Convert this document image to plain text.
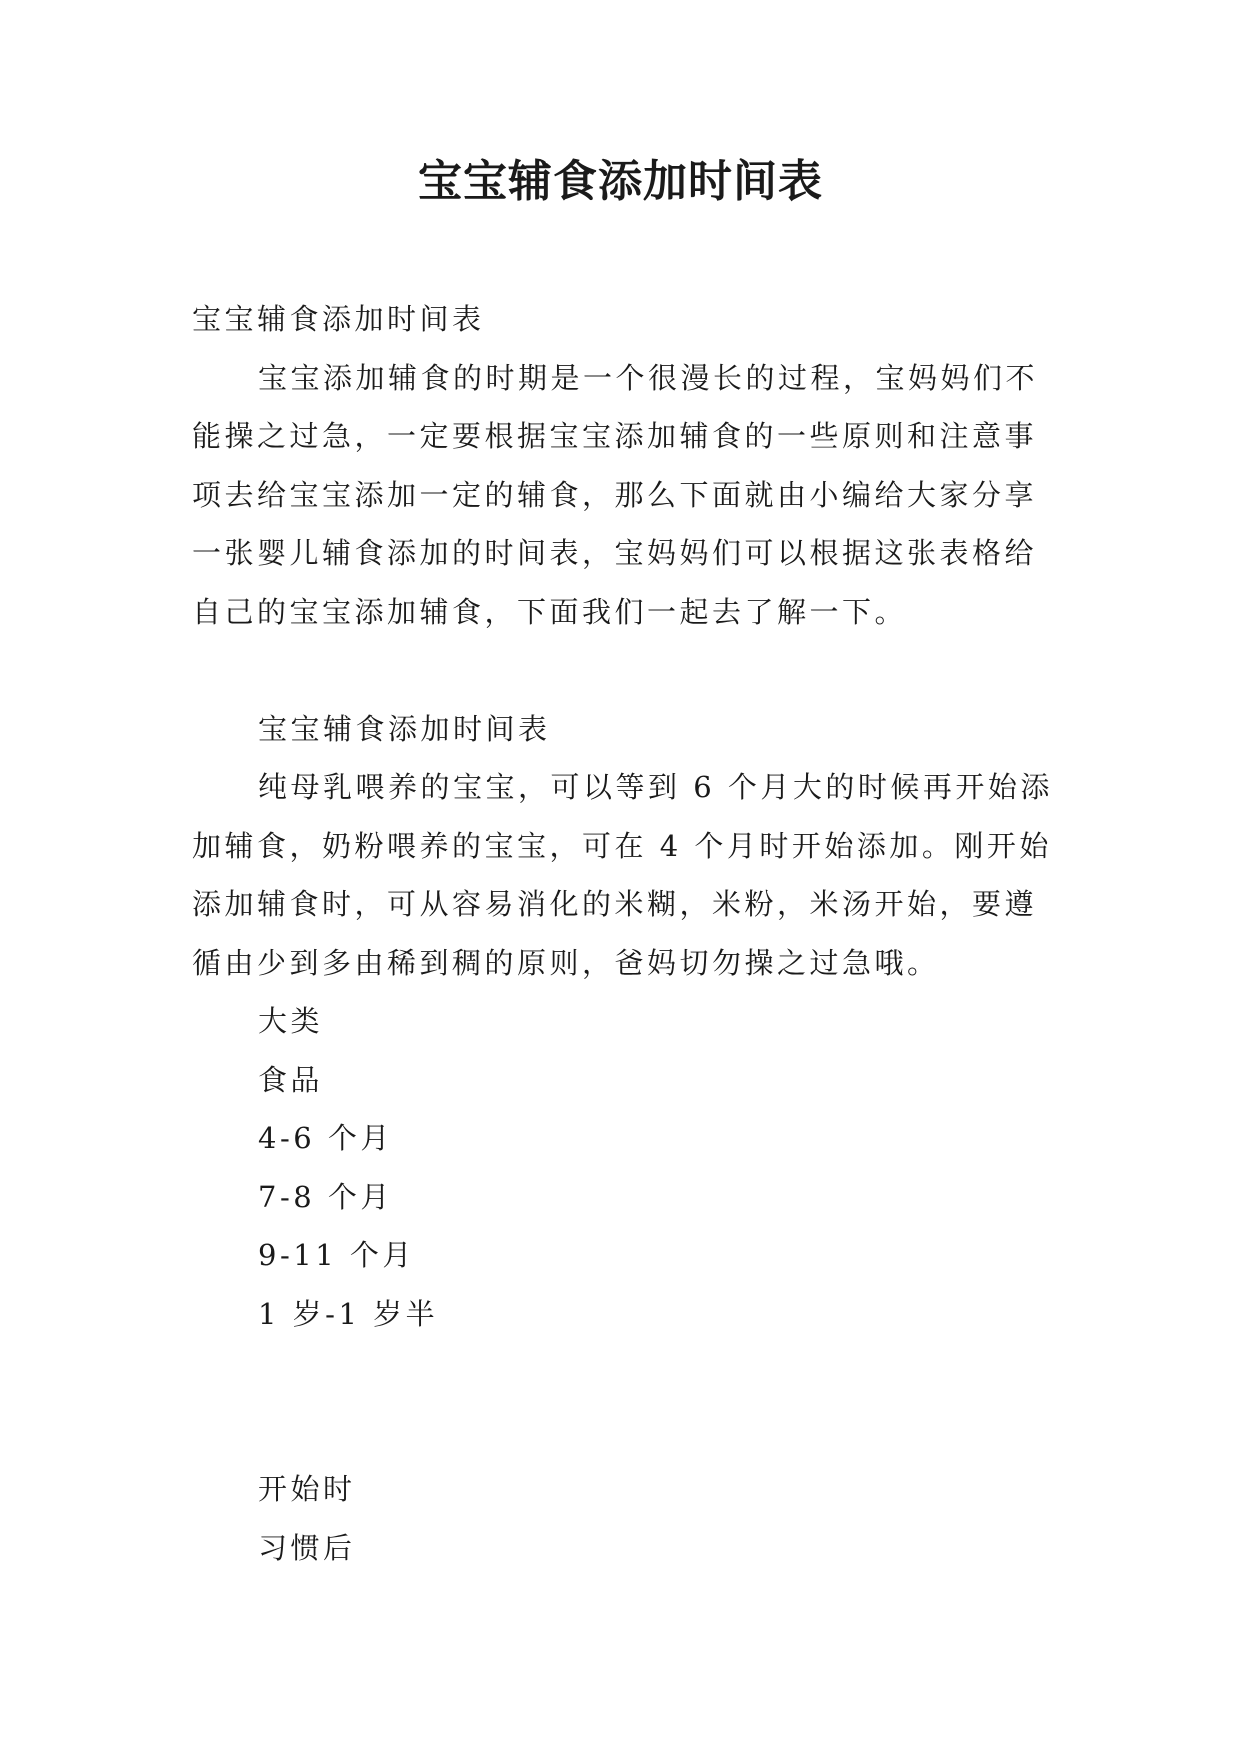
宝宝辅食添加时间表

宝宝辅食添加时间表

宝宝添加辅食的时期是一个很漫长的过程，宝妈妈们不能操之过急，一定要根据宝宝添加辅食的一些原则和注意事项去给宝宝添加一定的辅食，那么下面就由小编给大家分享一张婴儿辅食添加的时间表，宝妈妈们可以根据这张表格给自己的宝宝添加辅食，下面我们一起去了解一下。

宝宝辅食添加时间表

纯母乳喂养的宝宝，可以等到 6 个月大的时候再开始添加辅食，奶粉喂养的宝宝，可在 4 个月时开始添加。刚开始添加辅食时，可从容易消化的米糊，米粉，米汤开始，要遵循由少到多由稀到稠的原则，爸妈切勿操之过急哦。

大类

食品

4-6 个月

7-8 个月

9-11 个月

1 岁-1 岁半

开始时

习惯后
